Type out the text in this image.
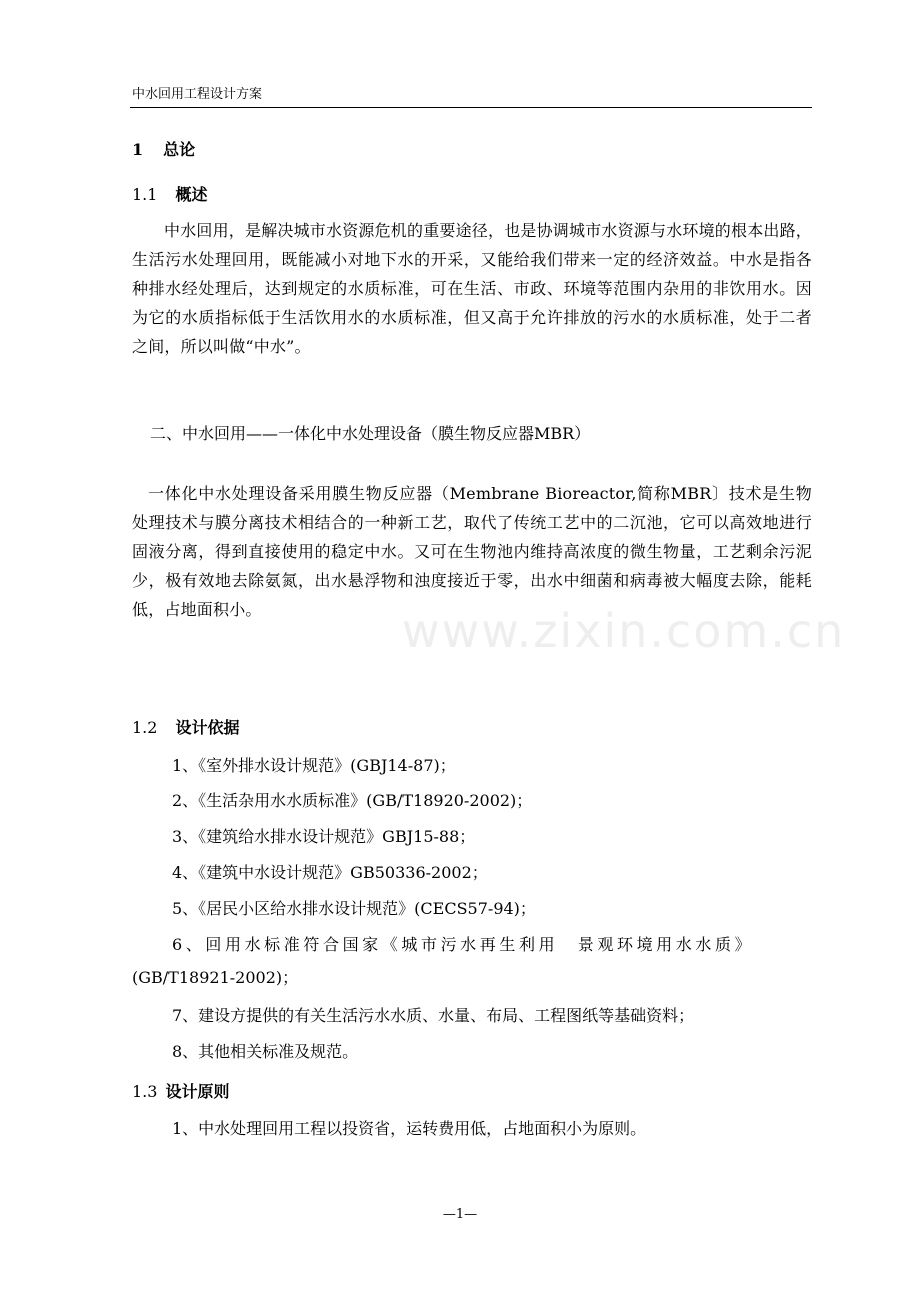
中水回用工程设计方案
1 总论
1.1 概述
中水回用，是解决城市水资源危机的重要途径，也是协调城市水资源与水环境的根本出路，生活污水处理回用，既能减小对地下水的开采，又能给我们带来一定的经济效益。中水是指各种排水经处理后，达到规定的水质标准，可在生活、市政、环境等范围内杂用的非饮用水。因为它的水质指标低于生活饮用水的水质标准，但又高于允许排放的污水的水质标准，处于二者之间，所以叫做“中水”。
二、中水回用——一体化中水处理设备（膜生物反应器MBR）
一体化中水处理设备采用膜生物反应器（Membrane Bioreactor,简称MBR〕技术是生物处理技术与膜分离技术相结合的一种新工艺，取代了传统工艺中的二沉池，它可以高效地进行固液分离，得到直接使用的稳定中水。又可在生物池内维持高浓度的微生物量，工艺剩余污泥少，极有效地去除氨氮，出水悬浮物和浊度接近于零，出水中细菌和病毒被大幅度去除，能耗低，占地面积小。
1.2 设计依据
1、《室外排水设计规范》(GBJ14-87)；
2、《生活杂用水水质标准》(GB/T18920-2002)；
3、《建筑给水排水设计规范》GBJ15-88；
4、《建筑中水设计规范》GB50336-2002；
5、《居民小区给水排水设计规范》(CECS57-94)；
6、回用水标准符合国家《城市污水再生利用　景观环境用水水质》
(GB/T18921-2002)；
7、建设方提供的有关生活污水水质、水量、布局、工程图纸等基础资料；
8、其他相关标准及规范。
1.3 设计原则
1、中水处理回用工程以投资省，运转费用低，占地面积小为原则。
www.zixin.com.cn
—1—
